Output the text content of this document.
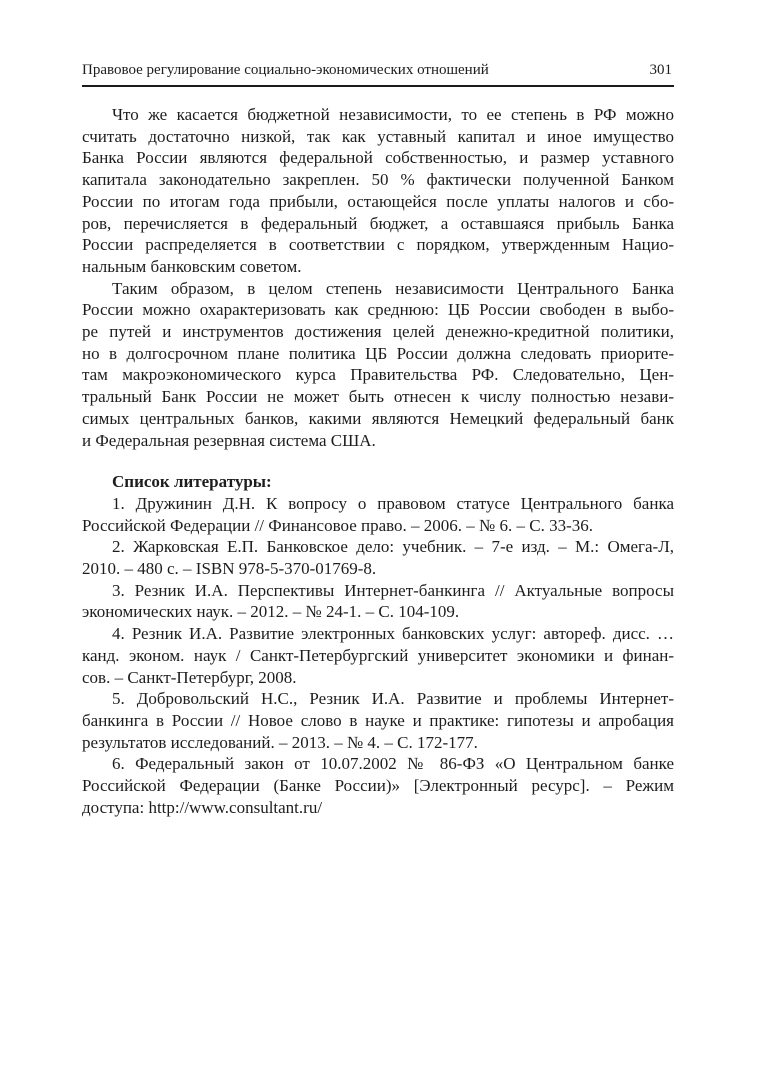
Правовое регулирование социально-экономических отношений	301
Что же касается бюджетной независимости, то ее степень в РФ можно
считать достаточно низкой, так как уставный капитал и иное имущество
Банка России являются федеральной собственностью, и размер уставного
капитала законодательно закреплен. 50 % фактически полученной Банком
России по итогам года прибыли, остающейся после уплаты налогов и сбо-
ров, перечисляется в федеральный бюджет, а оставшаяся прибыль Банка
России распределяется в соответствии с порядком, утвержденным Нацио-
нальным банковским советом.
Таким образом, в целом степень независимости Центрального Банка
России можно охарактеризовать как среднюю: ЦБ России свободен в выбо-
ре путей и инструментов достижения целей денежно-кредитной политики,
но в долгосрочном плане политика ЦБ России должна следовать приорите-
там макроэкономического курса Правительства РФ. Следовательно, Цен-
тральный Банк России не может быть отнесен к числу полностью незави-
симых центральных банков, какими являются Немецкий федеральный банк
и Федеральная резервная система США.
Список литературы:
1. Дружинин Д.Н. К вопросу о правовом статусе Центрального банка
Российской Федерации // Финансовое право. – 2006. – № 6. – С. 33-36.
2. Жарковская Е.П. Банковское дело: учебник. – 7-е изд. – М.: Омега-Л,
2010. – 480 с. – ISBN 978-5-370-01769-8.
3. Резник И.А. Перспективы Интернет-банкинга // Актуальные вопросы
экономических наук. – 2012. – № 24-1. – С. 104-109.
4. Резник И.А. Развитие электронных банковских услуг: автореф. дисс. …
канд. эконом. наук / Санкт-Петербургский университет экономики и финан-
сов. – Санкт-Петербург, 2008.
5. Добровольский Н.С., Резник И.А. Развитие и проблемы Интернет-
банкинга в России // Новое слово в науке и практике: гипотезы и апробация
результатов исследований. – 2013. – № 4. – С. 172-177.
6. Федеральный закон от 10.07.2002 № 86-ФЗ «О Центральном банке
Российской Федерации (Банке России)» [Электронный ресурс]. – Режим
доступа: http://www.consultant.ru/
